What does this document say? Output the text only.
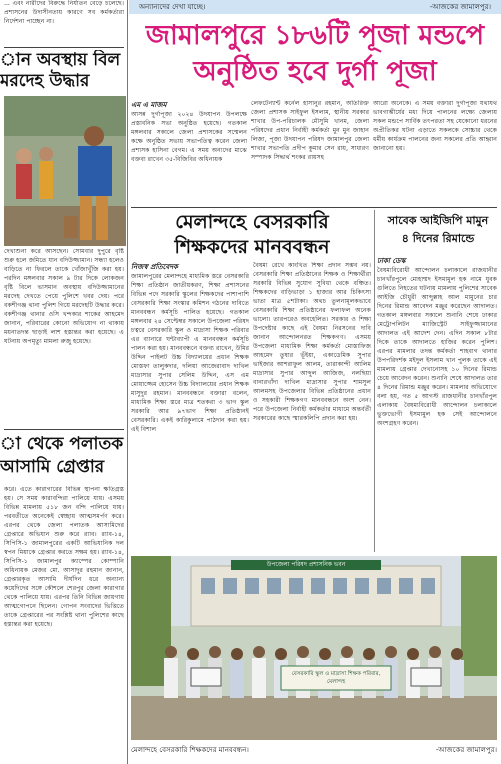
... এবং নারীদের বিরুদ্ধে নির্যাতন বেড়ে চলেছে। প্রশাসনের উদাসীনতায় কারণে সব কর্মকর্তারা নির্দেশনা পাচ্ছেন না।

ান অবস্থায় বিল
মরদেহ উদ্ধার

দেখাশুনা করে আসছেন। সোমবার দুপুরে বৃষ্টি শুরু হলে জমিতে যান বদিউজ্জামান। সন্ধ্যা হলেও বাড়িতে না ফিরলে তাকে খোঁজাখুঁজি করা হয়। পরদিন মঙ্গলবার সকাল ৯ টার দিকে লোকজন বৃষ্টি বিলে ভাসমান অবস্থায় বদিউজ্জামানের মরদেহ দেখতে পেয়ে পুলিশে খবর দেয়। পরে বকশীগঞ্জ থানা পুলিশ গিয়ে মরদেহটি উদ্ধার করে। বকশীগঞ্জ থানার ওসি খন্দকার শাকের আহমেদ জানান, পরিবারের কোনো অভিযোগ না থাকায় ময়নাতদন্ত ছাড়াই লাশ হস্তান্তর করা হয়েছে। এ ঘটনায় অপমৃত্যু মামলা রুজু হয়েছে।

া থেকে পলাতক
আসামি গ্রেপ্তার

করে। এতে কারাগারের বিভিন্ন স্থাপনা ক্ষতিগ্রস্ত হয়। সে সময় কারাবন্দিরা পালিয়ে যায়। এসময় বিভিন্ন মামলায় ৫১৮ জন বন্দি পালিয়ে যায়। পরবর্তীতে অনেকেই স্বেচ্ছায় আত্মসমর্পণ করে। এরপর থেকে জেলা পলাতক আসামিদের গ্রেপ্তারে অভিযান শুরু করে র‌্যাব। র‌্যাব-১৪, সিপিসি-১ জামালপুরের একটি আভিযানিক দল স্বপন মিয়াকে গ্রেপ্তার করতে সক্ষম হয়। র‌্যাব-১৪, সিপিসি-১ জামালপুর ক্যাম্পের কোম্পানি অধিনায়ক মেজর মো. আসাদুর রহমান জানান, গ্রেপ্তারকৃত আসামি দীর্ঘদিন ধরে অন্যান্য কয়েদিদের সঙ্গে কৌশলে শেরপুর জেলা কারাগার থেকে পালিয়ে যায়। এরপর তিনি বিভিন্ন জায়গায় আত্মগোপনে ছিলেন। গোপন সংবাদের ভিত্তিতে তাকে গ্রেপ্তারের পর সংশ্লিষ্ট থানা পুলিশের কাছে হস্তান্তর করা হয়েছে।

অন্যান্যদের দেখা যাচ্ছে।	-আজকের জামালপুর।
জামালপুরে ১৮৬টি পূজা মন্ডপে
অনুষ্ঠিত হবে দুর্গা পূজা

এম এ মাজম

আসন্ন দুর্গাপূজা ২০২৪ উদযাপন উপলক্ষে প্রস্তাবনিক সভা অনুষ্ঠিত হয়েছে। গতকাল মঙ্গলবার সকালে জেলা প্রশাসকের সম্মেলন কক্ষে অনুষ্ঠিত সভায় সভাপতিত্ব করেন জেলা প্রশাসক হাসিনা বেগম। এ সময় অন্যদের মাঝে বক্তব্য রাখেন ৩৫-বিজিবির অধিনায়ক

লেফটেন্যান্ট কর্নেল হাসানুর রহমান, অতিরিক্ত জেলা প্রশাসক সাইফুল ইসলাম, স্থানীয় সরকার শাখার উপ-পরিচালক মৌসুমি খানম, জেলা পরিষদের প্রধান নির্বাহী কর্মকর্তা মুন মুন জাহান লিজা, পূজা উদযাপন পরিষদ জামালপুর জেলা শাখার সভাপতি প্রদীপ কুমার সেন রায়, সাধারণ সম্পাদক সিদ্ধার্থ শংকর রায়সহ

আরো অনেকে। এ সময় বক্তারা দুর্গাপূজা যথাযথ ভাবগাম্ভীর্যের মধ্য দিয়ে পালনের লক্ষ্যে জেলায় সকল মন্ডপে সার্বিক তৎপরতা সহ যেকোনো ধরনের অপ্রীতিকর ঘটনা এড়াতে সকলকে সোচ্চার থেকে ধর্মীয় কার্যক্রম পালনের জন্য সকলের প্রতি আহ্বান জানানো হয়।

মেলান্দহে বেসরকারি
শিক্ষকদের মানববন্ধন

নিজস্ব প্রতিবেদক

জামালপুরের মেলান্দহে মাধ্যমিক স্তরে বেসরকারি শিক্ষা প্রতিষ্ঠান জাতীয়করণ, শিক্ষা প্রশাসনের বিভিন্ন পদে সরকারি স্কুলের শিক্ষকদের পাশাপাশি বেসরকারি শিক্ষা সংস্কার কমিশন গঠনের দাবিতে মানববন্ধন কর্মসূচি পালিত হয়েছে। গতকাল মঙ্গলবার ২৪ সেপ্টেম্বর সকালে উপজেলা পরিষদ চত্বরে বেসরকারি স্কুল ও মাদ্রাসা শিক্ষক পরিবার এর ব্যানারে ঘন্টাব্যাপী এ মানববন্ধন কর্মসূচি পালন করা হয়। মানববন্ধনে বক্তব্য রাখেন, উমির উদ্দিন পাইলট উচ্চ বিদ্যালয়ের প্রধান শিক্ষক মোস্তফা তালুকদার, দলিয়া আজেরাবাদ দাখিল মাদ্রাসার সুপার সেলিম উদ্দিন, এস এম মোয়াজ্জেম হোসেন উচ্চ বিদ্যালয়ের প্রধান শিক্ষক মাসুদুর রহমান। মানববন্ধনে বক্তারা বলেন, মাধ্যমিক শিক্ষা স্তরে মাত্র শতকরা ৩ ভাগ স্কুল সরকারি আর ৯৭ভাগ শিক্ষা প্রতিষ্ঠানই বেসরকারি। একই কারিকুলামে পাঠদান করা হয়। এই বিশাল

বৈষম্য রেখে কাংখিত শিক্ষা প্রদান সম্ভব নয়। বেসরকারি শিক্ষা প্রতিষ্ঠানের শিক্ষক ও শিক্ষার্থীরা সরকারি বিভিন্ন সুযোগ সুবিধা থেকে বঞ্চিত। শিক্ষকদের বাড়িভাড়া ১ হাজার আর চিকিৎসা ভাতা মাত্র ৫শটাকা। অথচ তুলনামূলকভাবে বেসরকারি শিক্ষা প্রতিষ্ঠানের ফলাফল অনেক ভালো। তারপরেও অবহেলিত। সরকার ও শিক্ষা উপদেষ্টার কাছে এই বৈষম্য নিরসনের দাবি জানান আন্দোলনরত শিক্ষকগণ। এসময় উপজেলা মাধ্যমিক শিক্ষা কর্মকর্তা মোস্তাফিজ আহমেদ তুষার ভূঁইয়া, একাডেমিক সুপার ভাইজার আশরাফুল আলম, তারাকান্দী আলিম মাদ্রাসার সুপার আব্দুল আজিজ, নলছিয়া বানারখাঁদা দাখিল মাদ্রাসার সুপার শামসুল আলমসহ উপজেলার বিভিন্ন প্রতিষ্ঠানের প্রধান ও সহকারী শিক্ষকগণ মানববন্ধনে অংশ নেন। পরে উপজেলা নির্বাহী কর্মকর্তার মাধ্যমে অন্তর্বর্তী সরকারের কাছে স্মারকলিপি প্রদান করা হয়।

সাবেক আইজিপি মামুন
৪ দিনের রিমান্ডে

ঢাকা ডেস্ক

বৈষম্যবিরোধী আন্দোলন চলাকালে রাজধানীর চানখাঁরপুলে মোহাম্মদ ইসমামুল হক নামে যুবক গুলিতে নিহতের ঘটনায় মামলায় পুলিশের সাবেক আইজি চৌধুরী আব্দুল্লাহ আল মামুনের চার দিনের রিমান্ড আবেদন মঞ্জুর করেছেন আদালত। গতকাল মঙ্গলবার সকালে শুনানি শেষে ঢাকার মেট্রোপলিটন ম্যাজিস্ট্রেট সাইফুজ্জামানের আদালত এই আদেশ দেন। এদিন সকাল ৮টার দিকে তাকে আদালতে হাজির করেন পুলিশ। এরপর মামলার তদন্ত কর্মকর্তা শাহবাগ থানার উপপরিদর্শক মইদুল ইসলাম খান পুলক তাকে এই মামলায় গ্রেপ্তার দেখানোসহ ১০ দিনের রিমান্ড চেয়ে আবেদন করেন। শুনানি শেষে আদালত তার ৪ দিনের রিমান্ড মঞ্জুর করেন। মামলার অভিযোগে বলা হয়, গত ৫ আগস্ট রাজধানীর চানখাঁরপুল এলাকায় বৈষম্যবিরোধী আন্দোলন চলাকালে ভুক্তভোগী ইসমামুল হক সেই আন্দোলনে অংশগ্রহণ করেন।

উপজেলা পরিষদ প্রশাসনিক ভবন
বেসরকারি স্কুল ও মাদ্রাসা শিক্ষক পরিবার, মেলান্দহ
মেলান্দহে বেসরকারি শিক্ষকদের মানববন্ধন।	-আজকের জামালপুর।
